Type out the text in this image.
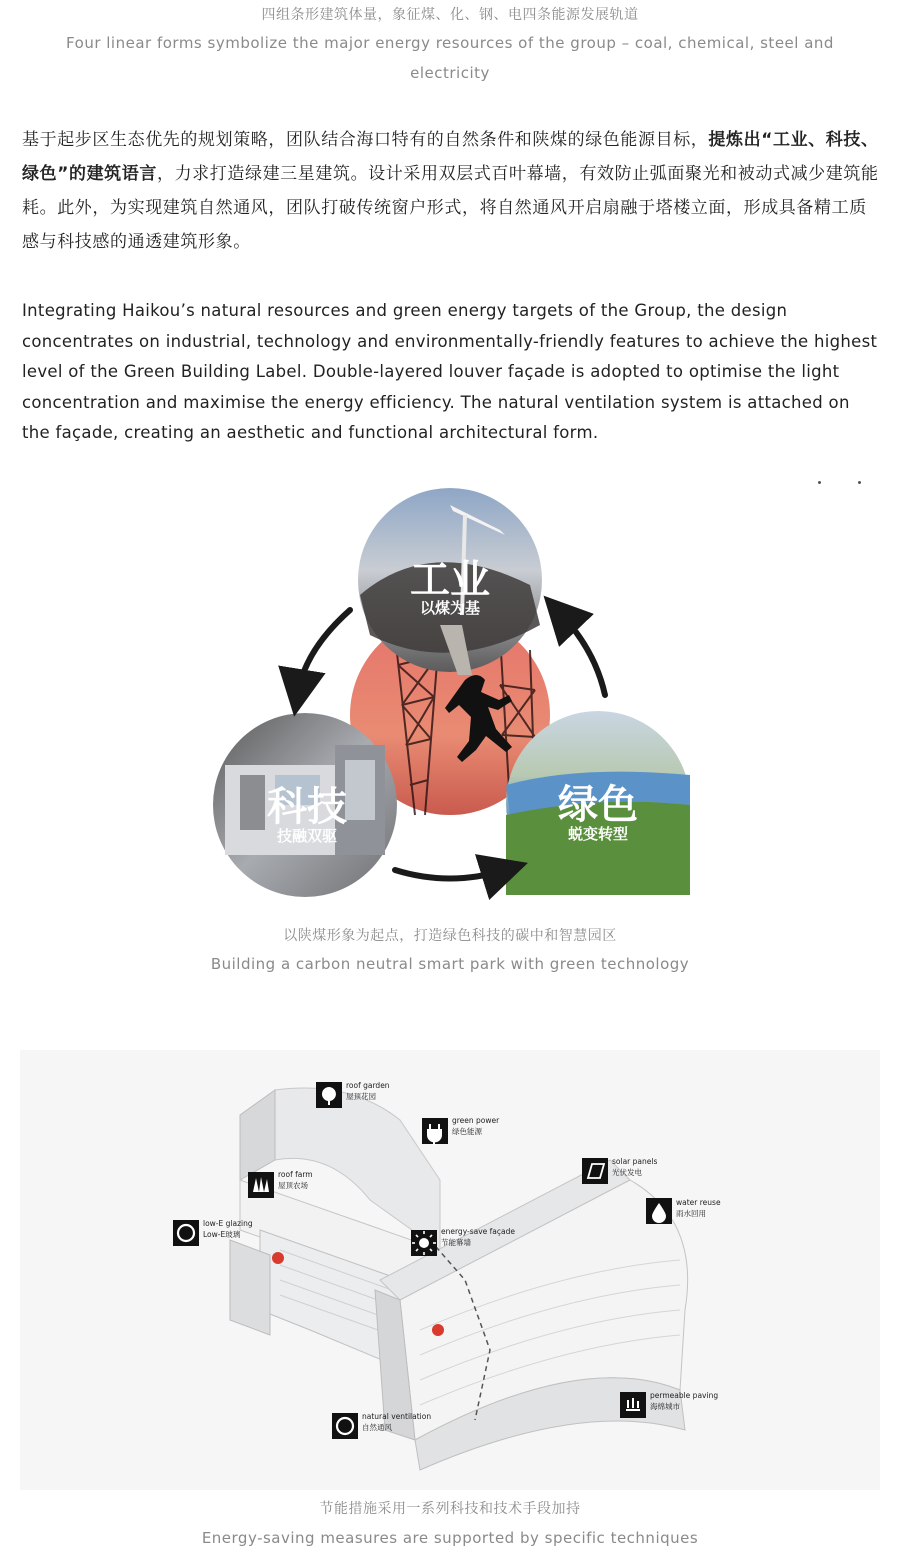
四组条形建筑体量，象征煤、化、钢、电四条能源发展轨道
Four linear forms symbolize the major energy resources of the group – coal, chemical, steel and
electricity
基于起步区生态优先的规划策略，团队结合海口特有的自然条件和陕煤的绿色能源目标，提炼出“工业、科技、绿色”的建筑语言，力求打造绿建三星建筑。设计采用双层式百叶幕墙，有效防止弧面聚光和被动式减少建筑能耗。此外，为实现建筑自然通风，团队打破传统窗户形式，将自然通风开启扇融于塔楼立面，形成具备精工质感与科技感的通透建筑形象。
Integrating Haikou’s natural resources and green energy targets of the Group, the design concentrates on industrial, technology and environmentally-friendly features to achieve the highest level of the Green Building Label. Double-layered louver façade is adopted to optimise the light concentration and maximise the energy efficiency. The natural ventilation system is attached on the façade, creating an aesthetic and functional architectural form.
工业
以煤为基
科技
技融双驱
绿色
蜕变转型
以陕煤形象为起点，打造绿色科技的碳中和智慧园区
Building a carbon neutral smart park with green technology
roof garden
屋顶花园
green power
绿色能源
roof farm
屋顶农场
low-E glazing
Low-E玻璃	energy-save façade
节能幕墙
solar panels
光伏发电
water reuse
雨水回用
natural ventilation
自然通风
permeable paving
海绵城市
节能措施采用一系列科技和技术手段加持
Energy-saving measures are supported by specific techniques
